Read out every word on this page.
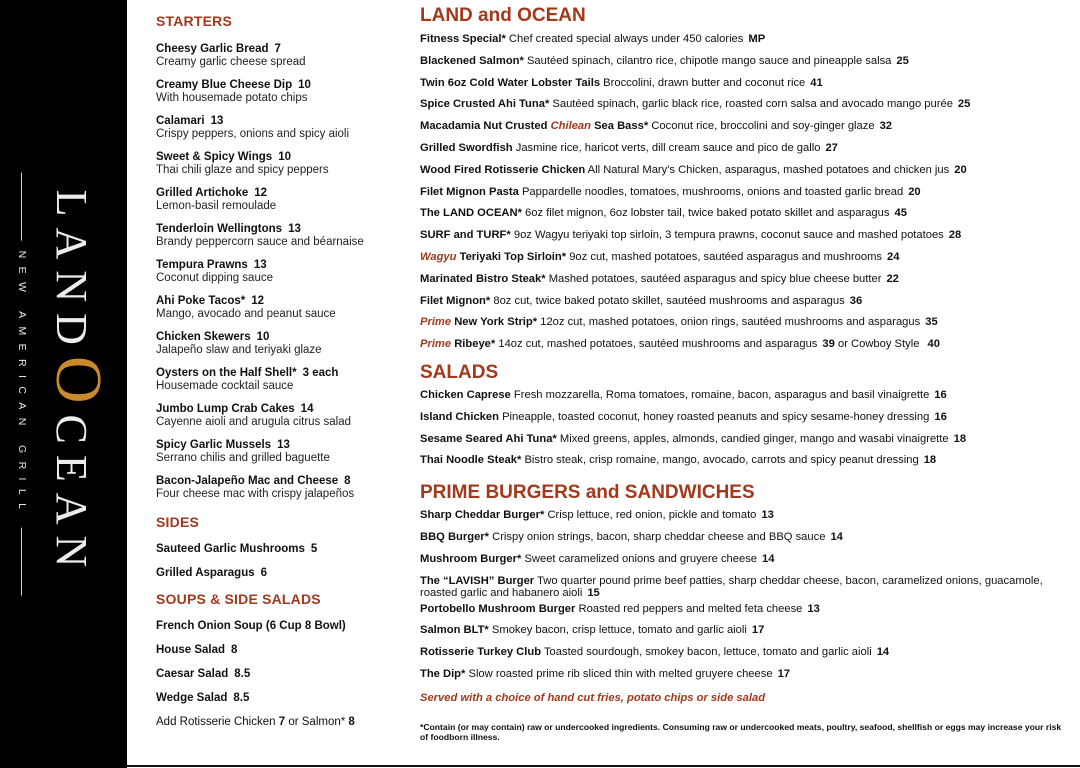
NEW AMERICAN GRILL LANDOCEAN
STARTERS
Cheesy Garlic Bread 7
Creamy garlic cheese spread
Creamy Blue Cheese Dip 10
With housemade potato chips
Calamari 13
Crispy peppers, onions and spicy aioli
Sweet & Spicy Wings 10
Thai chili glaze and spicy peppers
Grilled Artichoke 12
Lemon-basil remoulade
Tenderloin Wellingtons 13
Brandy peppercorn sauce and béarnaise
Tempura Prawns 13
Coconut dipping sauce
Ahi Poke Tacos* 12
Mango, avocado and peanut sauce
Chicken Skewers 10
Jalapeño slaw and teriyaki glaze
Oysters on the Half Shell* 3 each
Housemade cocktail sauce
Jumbo Lump Crab Cakes 14
Cayenne aioli and arugula citrus salad
Spicy Garlic Mussels 13
Serrano chilis and grilled baguette
Bacon-Jalapeño Mac and Cheese 8
Four cheese mac with crispy jalapeños
SIDES
Sauteed Garlic Mushrooms 5
Grilled Asparagus 6
SOUPS & SIDE SALADS
French Onion Soup (6 Cup 8 Bowl)
House Salad 8
Caesar Salad 8.5
Wedge Salad 8.5
Add Rotisserie Chicken 7 or Salmon* 8
LAND and OCEAN
Fitness Special* Chef created special always under 450 calories MP
Blackened Salmon* Sautéed spinach, cilantro rice, chipotle mango sauce and pineapple salsa 25
Twin 6oz Cold Water Lobster Tails Broccolini, drawn butter and coconut rice 41
Spice Crusted Ahi Tuna* Sautéed spinach, garlic black rice, roasted corn salsa and avocado mango purée 25
Macadamia Nut Crusted Chilean Sea Bass* Coconut rice, broccolini and soy-ginger glaze 32
Grilled Swordfish Jasmine rice, haricot verts, dill cream sauce and pico de gallo 27
Wood Fired Rotisserie Chicken All Natural Mary's Chicken, asparagus, mashed potatoes and chicken jus 20
Filet Mignon Pasta Pappardelle noodles, tomatoes, mushrooms, onions and toasted garlic bread 20
The LAND OCEAN* 6oz filet mignon, 6oz lobster tail, twice baked potato skillet and asparagus 45
SURF and TURF* 9oz Wagyu teriyaki top sirloin, 3 tempura prawns, coconut sauce and mashed potatoes 28
Wagyu Teriyaki Top Sirloin* 9oz cut, mashed potatoes, sautéed asparagus and mushrooms 24
Marinated Bistro Steak* Mashed potatoes, sautéed asparagus and spicy blue cheese butter 22
Filet Mignon* 8oz cut, twice baked potato skillet, sautéed mushrooms and asparagus 36
Prime New York Strip* 12oz cut, mashed potatoes, onion rings, sautéed mushrooms and asparagus 35
Prime Ribeye* 14oz cut, mashed potatoes, sautéed mushrooms and asparagus 39 or Cowboy Style 40
SALADS
Chicken Caprese Fresh mozzarella, Roma tomatoes, romaine, bacon, asparagus and basil vinaigrette 16
Island Chicken Pineapple, toasted coconut, honey roasted peanuts and spicy sesame-honey dressing 16
Sesame Seared Ahi Tuna* Mixed greens, apples, almonds, candied ginger, mango and wasabi vinaigrette 18
Thai Noodle Steak* Bistro steak, crisp romaine, mango, avocado, carrots and spicy peanut dressing 18
PRIME BURGERS and SANDWICHES
Sharp Cheddar Burger* Crisp lettuce, red onion, pickle and tomato 13
BBQ Burger* Crispy onion strings, bacon, sharp cheddar cheese and BBQ sauce 14
Mushroom Burger* Sweet caramelized onions and gruyere cheese 14
The “LAVISH” Burger Two quarter pound prime beef patties, sharp cheddar cheese, bacon, caramelized onions, guacamole, roasted garlic and habanero aioli 15
Portobello Mushroom Burger Roasted red peppers and melted feta cheese 13
Salmon BLT* Smokey bacon, crisp lettuce, tomato and garlic aioli 17
Rotisserie Turkey Club Toasted sourdough, smokey bacon, lettuce, tomato and garlic aioli 14
The Dip* Slow roasted prime rib sliced thin with melted gruyere cheese 17
Served with a choice of hand cut fries, potato chips or side salad
*Contain (or may contain) raw or undercooked ingredients. Consuming raw or undercooked meats, poultry, seafood, shellfish or eggs may increase your risk of foodborn illness.
